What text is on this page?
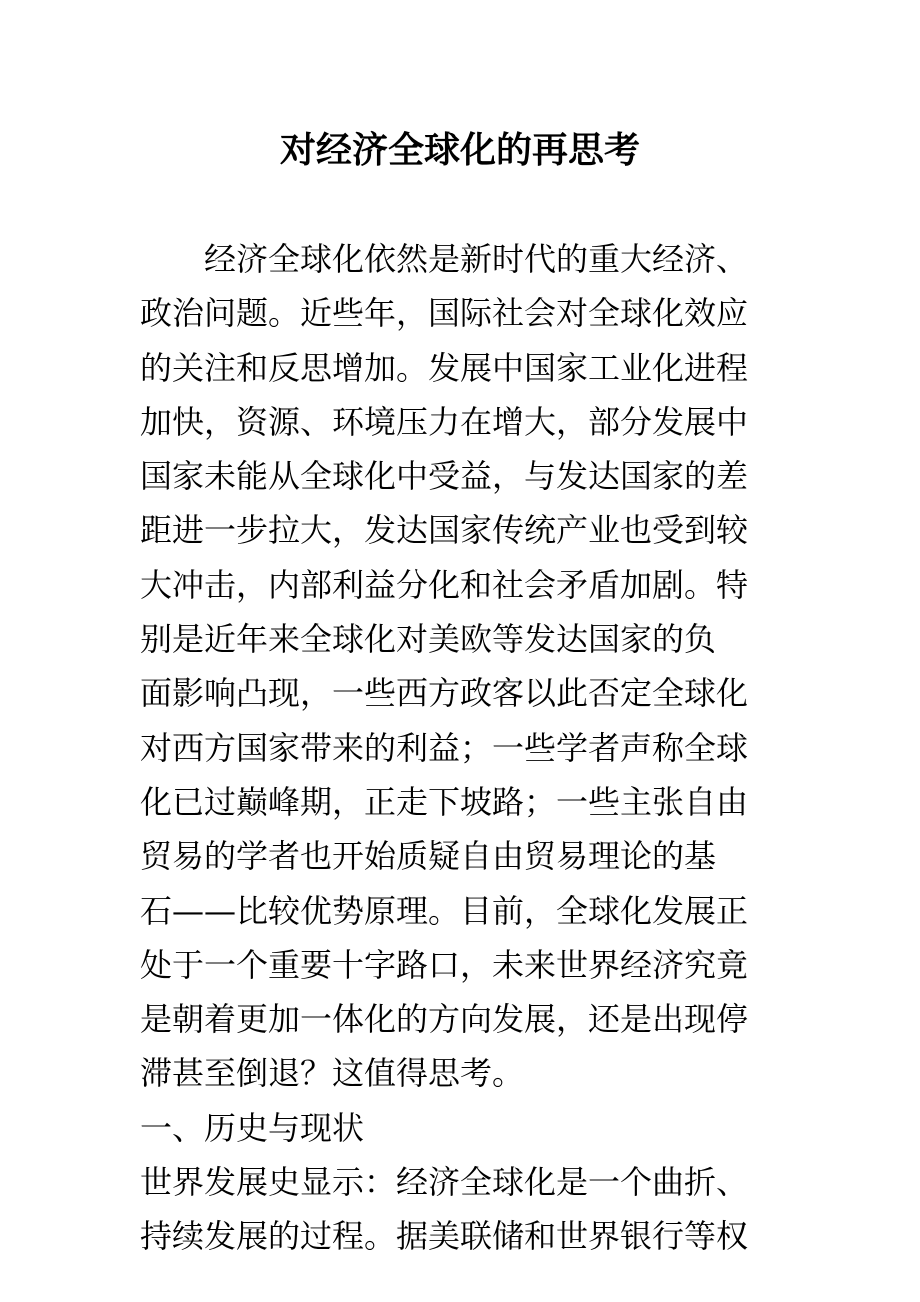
对经济全球化的再思考

　　经济全球化依然是新时代的重大经济、

政治问题。近些年，国际社会对全球化效应

的关注和反思增加。发展中国家工业化进程

加快，资源、环境压力在增大，部分发展中

国家未能从全球化中受益，与发达国家的差

距进一步拉大，发达国家传统产业也受到较

大冲击，内部利益分化和社会矛盾加剧。特

别是近年来全球化对美欧等发达国家的负

面影响凸现，一些西方政客以此否定全球化

对西方国家带来的利益；一些学者声称全球

化已过巅峰期，正走下坡路；一些主张自由

贸易的学者也开始质疑自由贸易理论的基

石——比较优势原理。目前，全球化发展正

处于一个重要十字路口，未来世界经济究竟

是朝着更加一体化的方向发展，还是出现停

滞甚至倒退？这值得思考。

一、历史与现状

世界发展史显示：经济全球化是一个曲折、

持续发展的过程。据美联储和世界银行等权
